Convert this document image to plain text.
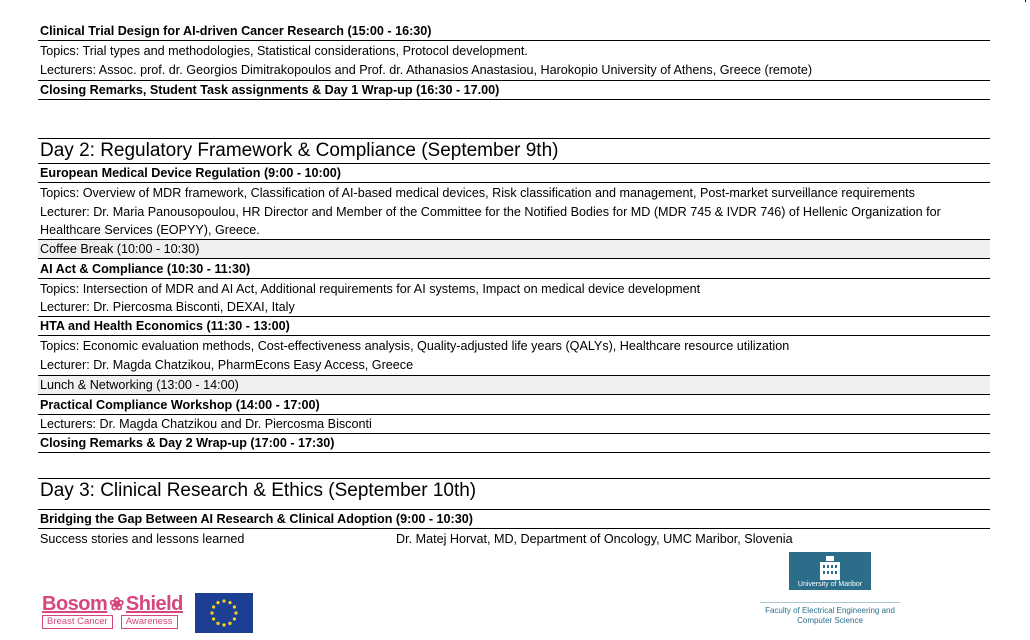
Clinical Trial Design for AI-driven Cancer Research (15:00 - 16:30)
Topics: Trial types and methodologies, Statistical considerations, Protocol development.
Lecturers: Assoc. prof. dr. Georgios Dimitrakopoulos and Prof. dr. Athanasios Anastasiou, Harokopio University of Athens, Greece (remote)
Closing Remarks, Student Task assignments & Day 1 Wrap-up (16:30 - 17.00)
Day 2: Regulatory Framework & Compliance (September 9th)
European Medical Device Regulation (9:00 - 10:00)
Topics: Overview of MDR framework, Classification of AI-based medical devices, Risk classification and management, Post-market surveillance requirements
Lecturer: Dr. Maria Panousopoulou, HR Director and Member of the Committee for the Notified Bodies for MD (MDR 745 & IVDR 746) of Hellenic Organization for Healthcare Services (EOPYY), Greece.
Coffee Break (10:00 - 10:30)
AI Act & Compliance (10:30 - 11:30)
Topics: Intersection of MDR and AI Act, Additional requirements for AI systems, Impact on medical device development
Lecturer: Dr. Piercosma Bisconti, DEXAI, Italy
HTA and Health Economics (11:30 - 13:00)
Topics: Economic evaluation methods, Cost-effectiveness analysis, Quality-adjusted life years (QALYs), Healthcare resource utilization
Lecturer: Dr. Magda Chatzikou, PharmEcons Easy Access, Greece
Lunch & Networking (13:00 - 14:00)
Practical Compliance Workshop (14:00 - 17:00)
Lecturers: Dr. Magda Chatzikou and Dr. Piercosma Bisconti
Closing Remarks & Day 2 Wrap-up (17:00 - 17:30)
Day 3: Clinical Research & Ethics (September 10th)
Bridging the Gap Between AI Research & Clinical Adoption (9:00 - 10:30)
Success stories and lessons learned	Dr. Matej Horvat, MD, Department of Oncology, UMC Maribor, Slovenia
Bosom ❀ Shield
Breast Cancer	Awareness
University of Maribor
Faculty of Electrical Engineering and Computer Science
